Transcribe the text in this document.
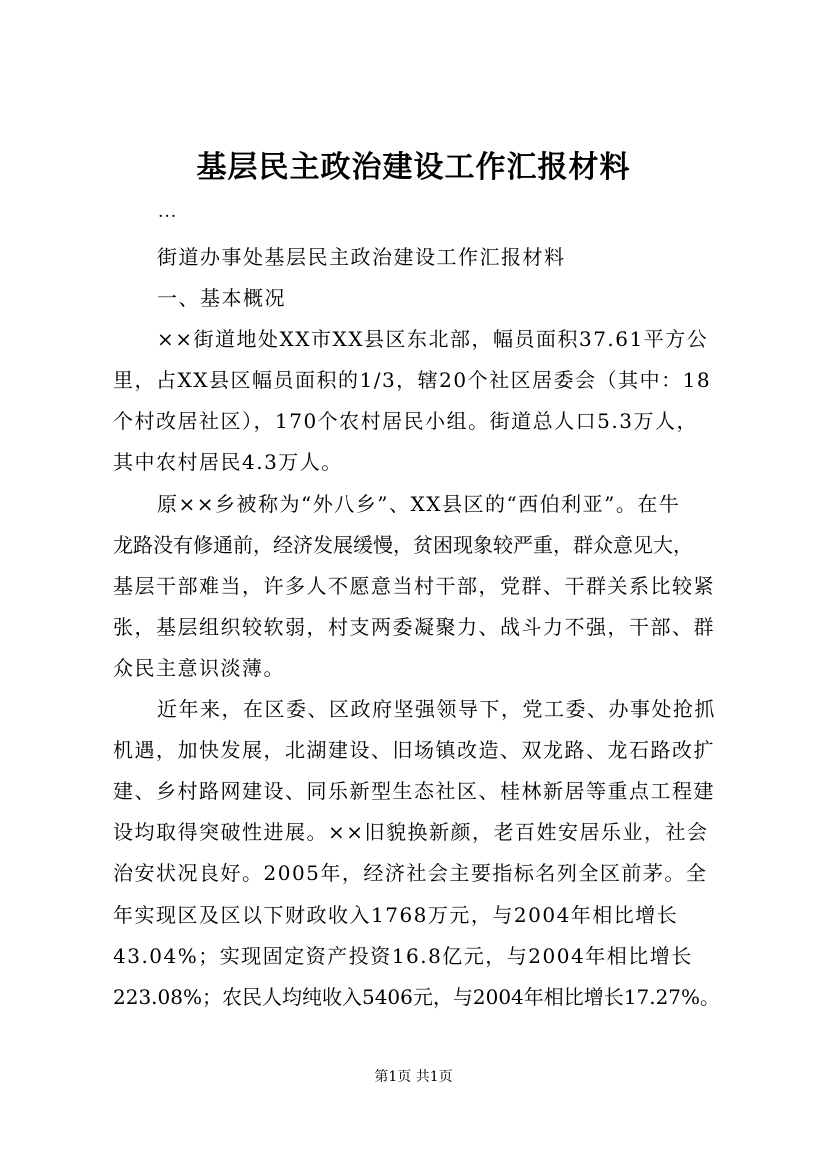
基层民主政治建设工作汇报材料
...
街道办事处基层民主政治建设工作汇报材料
一、基本概况
××街道地处XX市XX县区东北部，幅员面积37.61平方公
里，占XX县区幅员面积的1/3，辖20个社区居委会（其中：18
个村改居社区），170个农村居民小组。街道总人口5.3万人，
其中农村居民4.3万人。
原××乡被称为“外八乡”、XX县区的“西伯利亚”。在牛
龙路没有修通前，经济发展缓慢，贫困现象较严重，群众意见大，
基层干部难当，许多人不愿意当村干部，党群、干群关系比较紧
张，基层组织较软弱，村支两委凝聚力、战斗力不强，干部、群
众民主意识淡薄。
近年来，在区委、区政府坚强领导下，党工委、办事处抢抓
机遇，加快发展，北湖建设、旧场镇改造、双龙路、龙石路改扩
建、乡村路网建设、同乐新型生态社区、桂林新居等重点工程建
设均取得突破性进展。××旧貌换新颜，老百姓安居乐业，社会
治安状况良好。2005年，经济社会主要指标名列全区前茅。全
年实现区及区以下财政收入1768万元，与2004年相比增长
43.04%；实现固定资产投资16.8亿元，与2004年相比增长
223.08%；农民人均纯收入5406元，与2004年相比增长17.27%。
第1页 共1页
